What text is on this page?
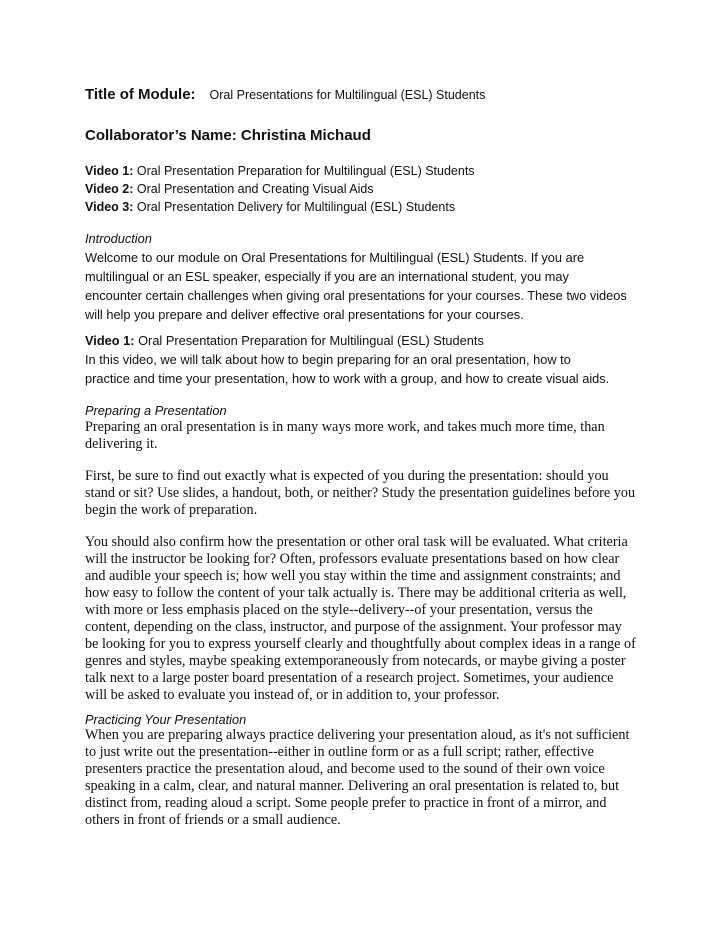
Title of Module: Oral Presentations for Multilingual (ESL) Students
Collaborator’s Name: Christina Michaud
Video 1: Oral Presentation Preparation for Multilingual (ESL) Students
Video 2: Oral Presentation and Creating Visual Aids
Video 3: Oral Presentation Delivery for Multilingual (ESL) Students
Introduction
Welcome to our module on Oral Presentations for Multilingual (ESL) Students. If you are
multilingual or an ESL speaker, especially if you are an international student, you may
encounter certain challenges when giving oral presentations for your courses. These two videos
will help you prepare and deliver effective oral presentations for your courses.
Video 1: Oral Presentation Preparation for Multilingual (ESL) Students
In this video, we will talk about how to begin preparing for an oral presentation, how to
practice and time your presentation, how to work with a group, and how to create visual aids.
Preparing a Presentation
Preparing an oral presentation is in many ways more work, and takes much more time, than
delivering it.
First, be sure to find out exactly what is expected of you during the presentation: should you
stand or sit? Use slides, a handout, both, or neither? Study the presentation guidelines before you
begin the work of preparation.
You should also confirm how the presentation or other oral task will be evaluated. What criteria
will the instructor be looking for? Often, professors evaluate presentations based on how clear
and audible your speech is; how well you stay within the time and assignment constraints; and
how easy to follow the content of your talk actually is. There may be additional criteria as well,
with more or less emphasis placed on the style--delivery--of your presentation, versus the
content, depending on the class, instructor, and purpose of the assignment. Your professor may
be looking for you to express yourself clearly and thoughtfully about complex ideas in a range of
genres and styles, maybe speaking extemporaneously from notecards, or maybe giving a poster
talk next to a large poster board presentation of a research project. Sometimes, your audience
will be asked to evaluate you instead of, or in addition to, your professor.
Practicing Your Presentation
When you are preparing always practice delivering your presentation aloud, as it's not sufficient
to just write out the presentation--either in outline form or as a full script; rather, effective
presenters practice the presentation aloud, and become used to the sound of their own voice
speaking in a calm, clear, and natural manner. Delivering an oral presentation is related to, but
distinct from, reading aloud a script. Some people prefer to practice in front of a mirror, and
others in front of friends or a small audience.
